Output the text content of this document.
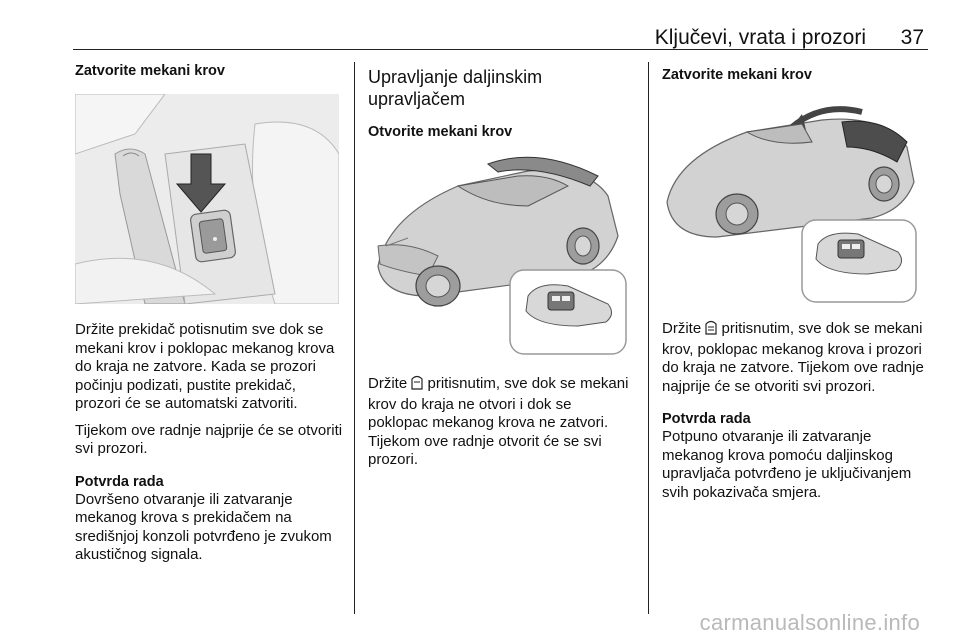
Ključevi, vrata i prozori 37
Zatvorite mekani krov

Držite prekidač potisnutim sve dok se mekani krov i poklopac mekanog krova do kraja ne zatvore. Kada se prozori počinju podizati, pustite prekidač, prozori će se automatski zatvoriti.

Tijekom ove radnje najprije će se otvoriti svi prozori.

Potvrda rada

Dovršeno otvaranje ili zatvaranje mekanog krova s prekidačem na središnjoj konzoli potvrđeno je zvukom akustičnog signala.

Upravljanje daljinskim
upravljačem
Otvorite mekani krov

Držite pritisnutim, sve dok se mekani krov do kraja ne otvori i dok se poklopac mekanog krova ne zatvori. Tijekom ove radnje otvorit će se svi prozori.

Zatvorite mekani krov

Držite pritisnutim, sve dok se mekani krov, poklopac mekanog krova i prozori do kraja ne zatvore. Tijekom ove radnje najprije će se otvoriti svi prozori.

Potvrda rada

Potpuno otvaranje ili zatvaranje mekanog krova pomoću daljinskog upravljača potvrđeno je uključivanjem svih pokazivača smjera.

carmanualsonline.info
